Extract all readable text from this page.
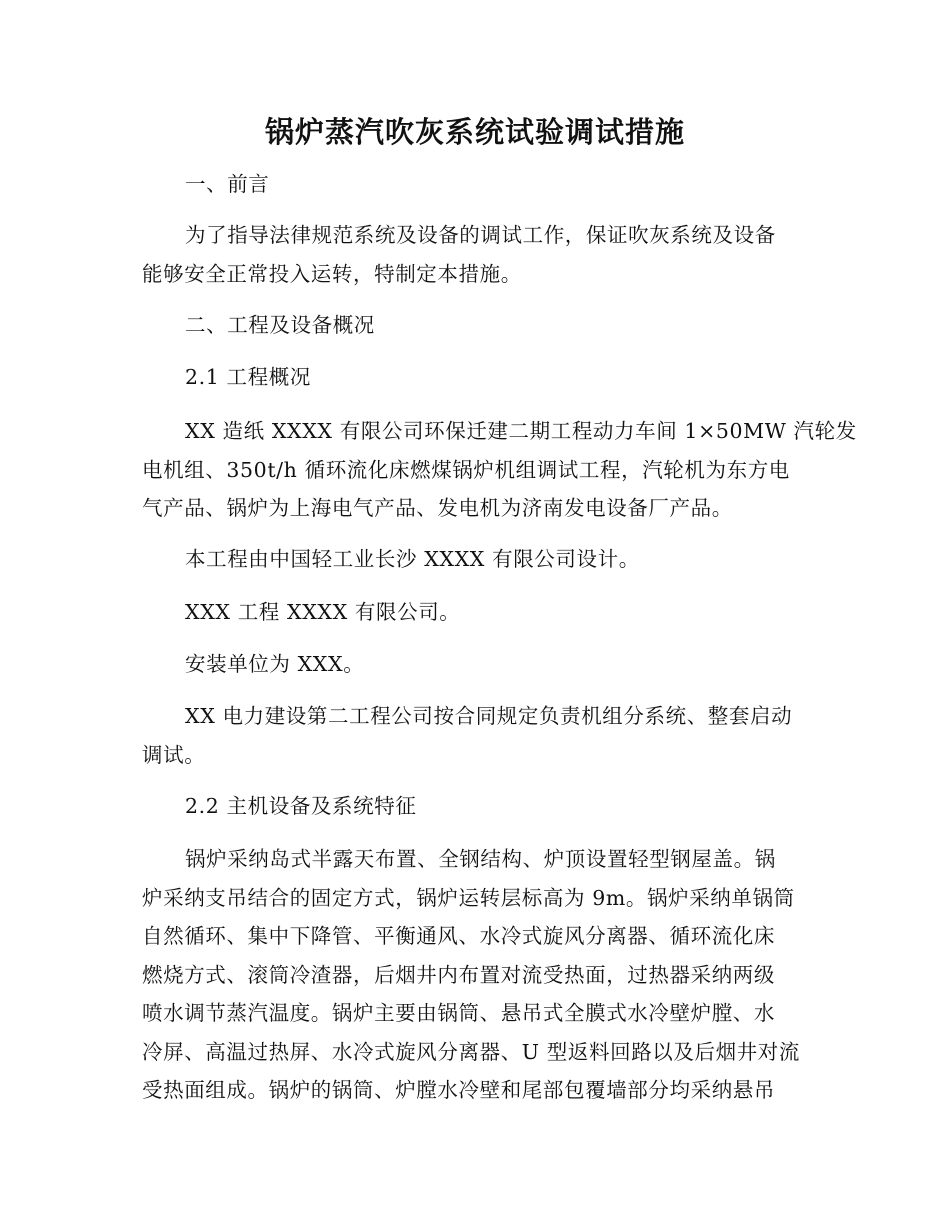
锅炉蒸汽吹灰系统试验调试措施
一、前言
为了指导法律规范系统及设备的调试工作，保证吹灰系统及设备
能够安全正常投入运转，特制定本措施。
二、工程及设备概况
2.1 工程概况
XX 造纸 XXXX 有限公司环保迁建二期工程动力车间 1×50MW 汽轮发
电机组、350t/h 循环流化床燃煤锅炉机组调试工程，汽轮机为东方电
气产品、锅炉为上海电气产品、发电机为济南发电设备厂产品。
本工程由中国轻工业长沙 XXXX 有限公司设计。
XXX 工程 XXXX 有限公司。
安装单位为 XXX。
XX 电力建设第二工程公司按合同规定负责机组分系统、整套启动
调试。
2.2 主机设备及系统特征
锅炉采纳岛式半露天布置、全钢结构、炉顶设置轻型钢屋盖。锅
炉采纳支吊结合的固定方式，锅炉运转层标高为 9m。锅炉采纳单锅筒
自然循环、集中下降管、平衡通风、水冷式旋风分离器、循环流化床
燃烧方式、滚筒冷渣器，后烟井内布置对流受热面，过热器采纳两级
喷水调节蒸汽温度。锅炉主要由锅筒、悬吊式全膜式水冷壁炉膛、水
冷屏、高温过热屏、水冷式旋风分离器、U 型返料回路以及后烟井对流
受热面组成。锅炉的锅筒、炉膛水冷壁和尾部包覆墙部分均采纳悬吊
